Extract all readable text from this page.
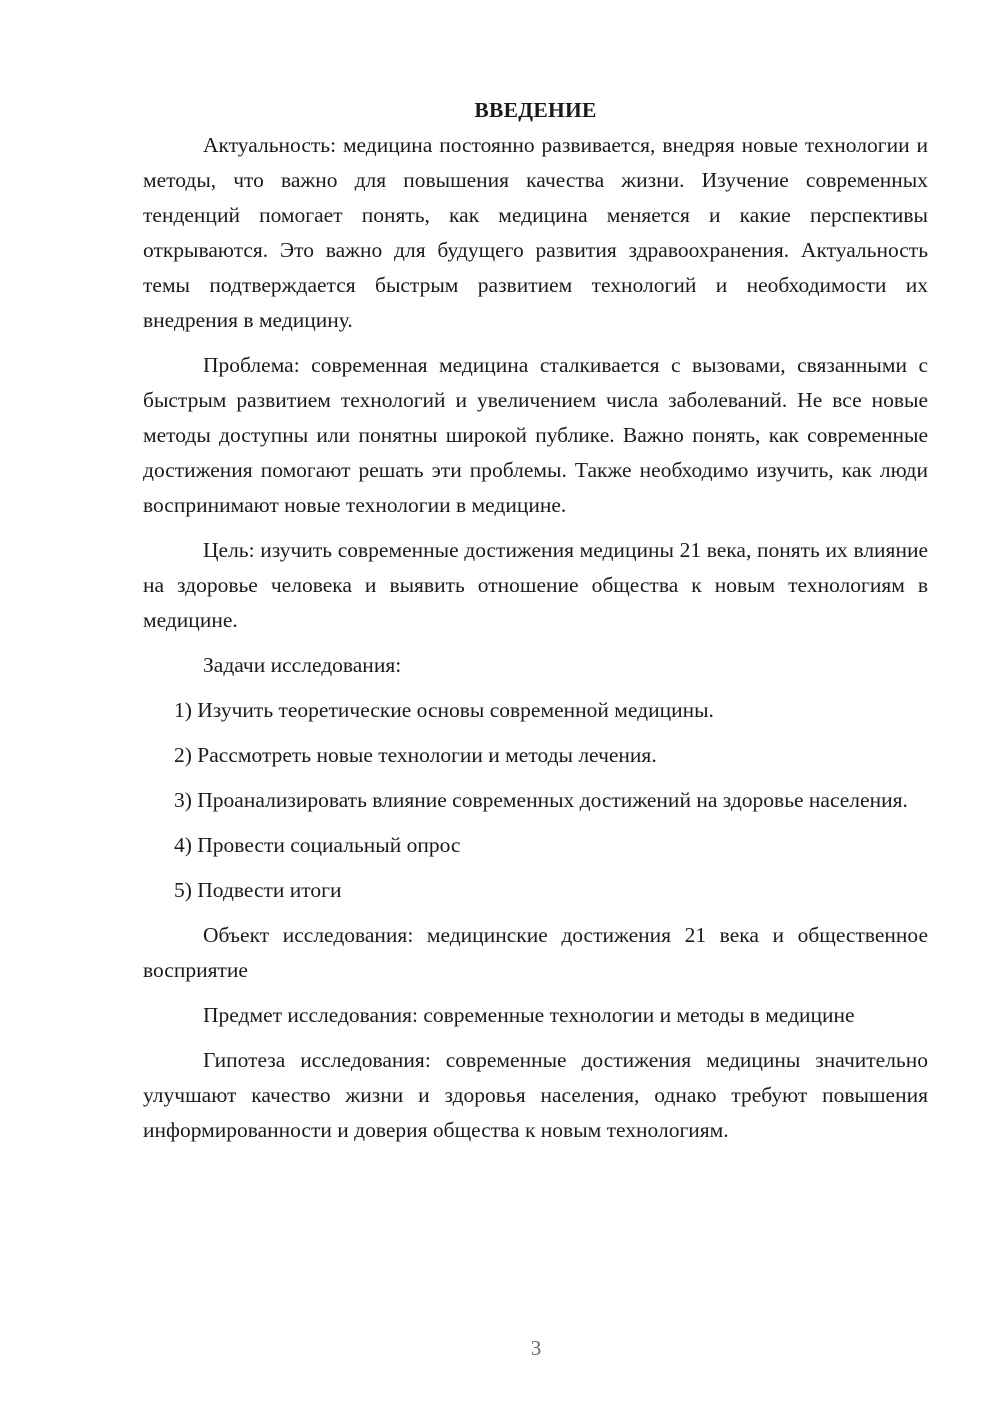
ВВЕДЕНИЕ

Актуальность: медицина постоянно развивается, внедряя новые технологии и методы, что важно для повышения качества жизни. Изучение современных тенденций помогает понять, как медицина меняется и какие перспективы открываются. Это важно для будущего развития здравоохранения. Актуальность темы подтверждается быстрым развитием технологий и необходимости их внедрения в медицину.

Проблема: современная медицина сталкивается с вызовами, связанными с быстрым развитием технологий и увеличением числа заболеваний. Не все новые методы доступны или понятны широкой публике. Важно понять, как современные достижения помогают решать эти проблемы. Также необходимо изучить, как люди воспринимают новые технологии в медицине.

Цель: изучить современные достижения медицины 21 века, понять их влияние на здоровье человека и выявить отношение общества к новым технологиям в медицине.

Задачи исследования:

1) Изучить теоретические основы современной медицины.

2) Рассмотреть новые технологии и методы лечения.

3) Проанализировать влияние современных достижений на здоровье населения.

4) Провести социальный опрос

5) Подвести итоги

Объект исследования: медицинские достижения 21 века и общественное восприятие

Предмет исследования: современные технологии и методы в медицине

Гипотеза исследования: современные достижения медицины значительно улучшают качество жизни и здоровья населения, однако требуют повышения информированности и доверия общества к новым технологиям.

3
